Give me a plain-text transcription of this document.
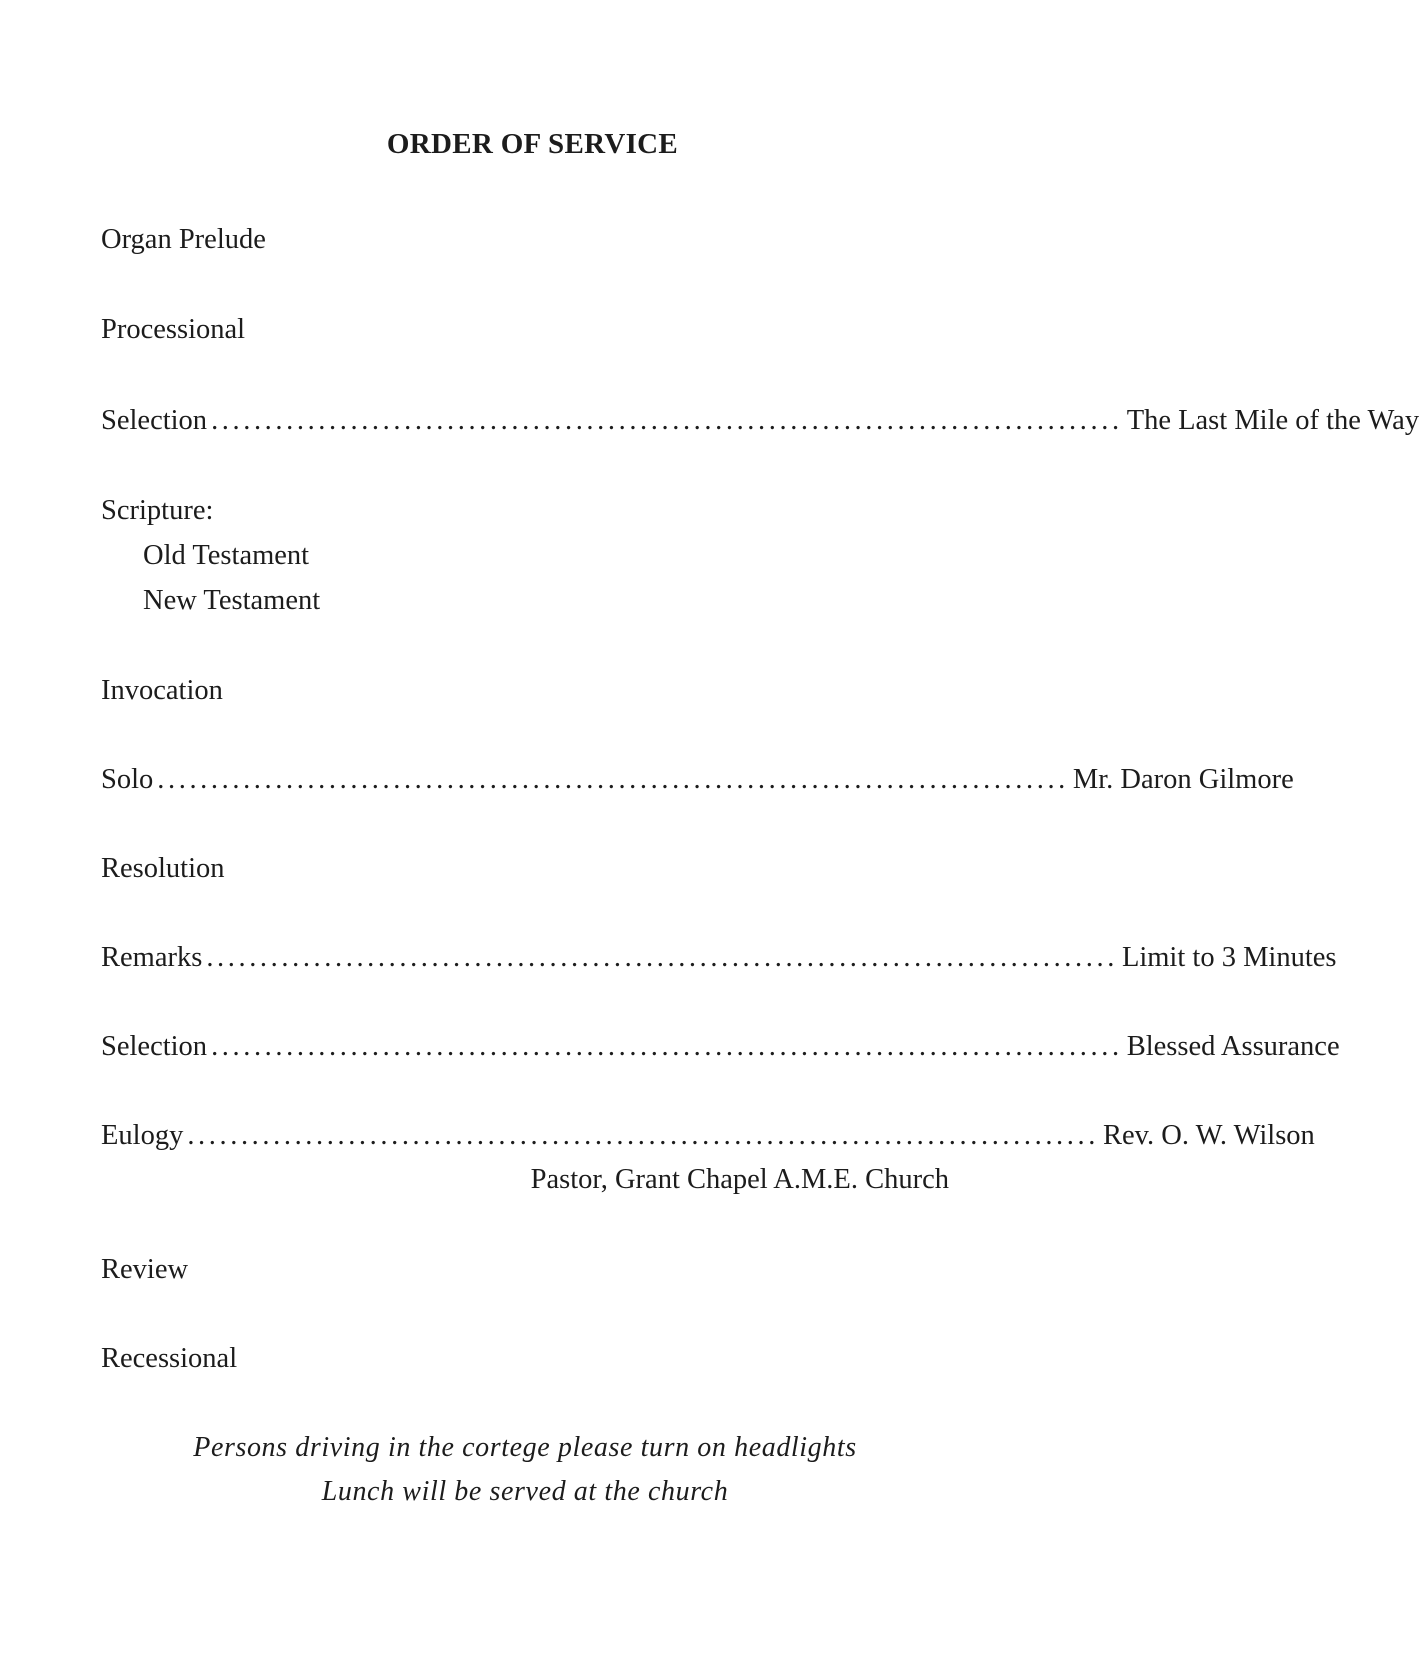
ORDER OF SERVICE
Organ Prelude
Processional
Selection ..................................................................................... The Last Mile of the Way
Scripture:
Old Testament
New Testament
Invocation
Solo ..................................................................................... Mr. Daron Gilmore
Resolution
Remarks ..................................................................................... Limit to 3 Minutes
Selection ..................................................................................... Blessed Assurance
Eulogy ..................................................................................... Rev. O. W. Wilson
Pastor, Grant Chapel A.M.E. Church
Review
Recessional
Persons driving in the cortege please turn on headlights
Lunch will be served at the church
